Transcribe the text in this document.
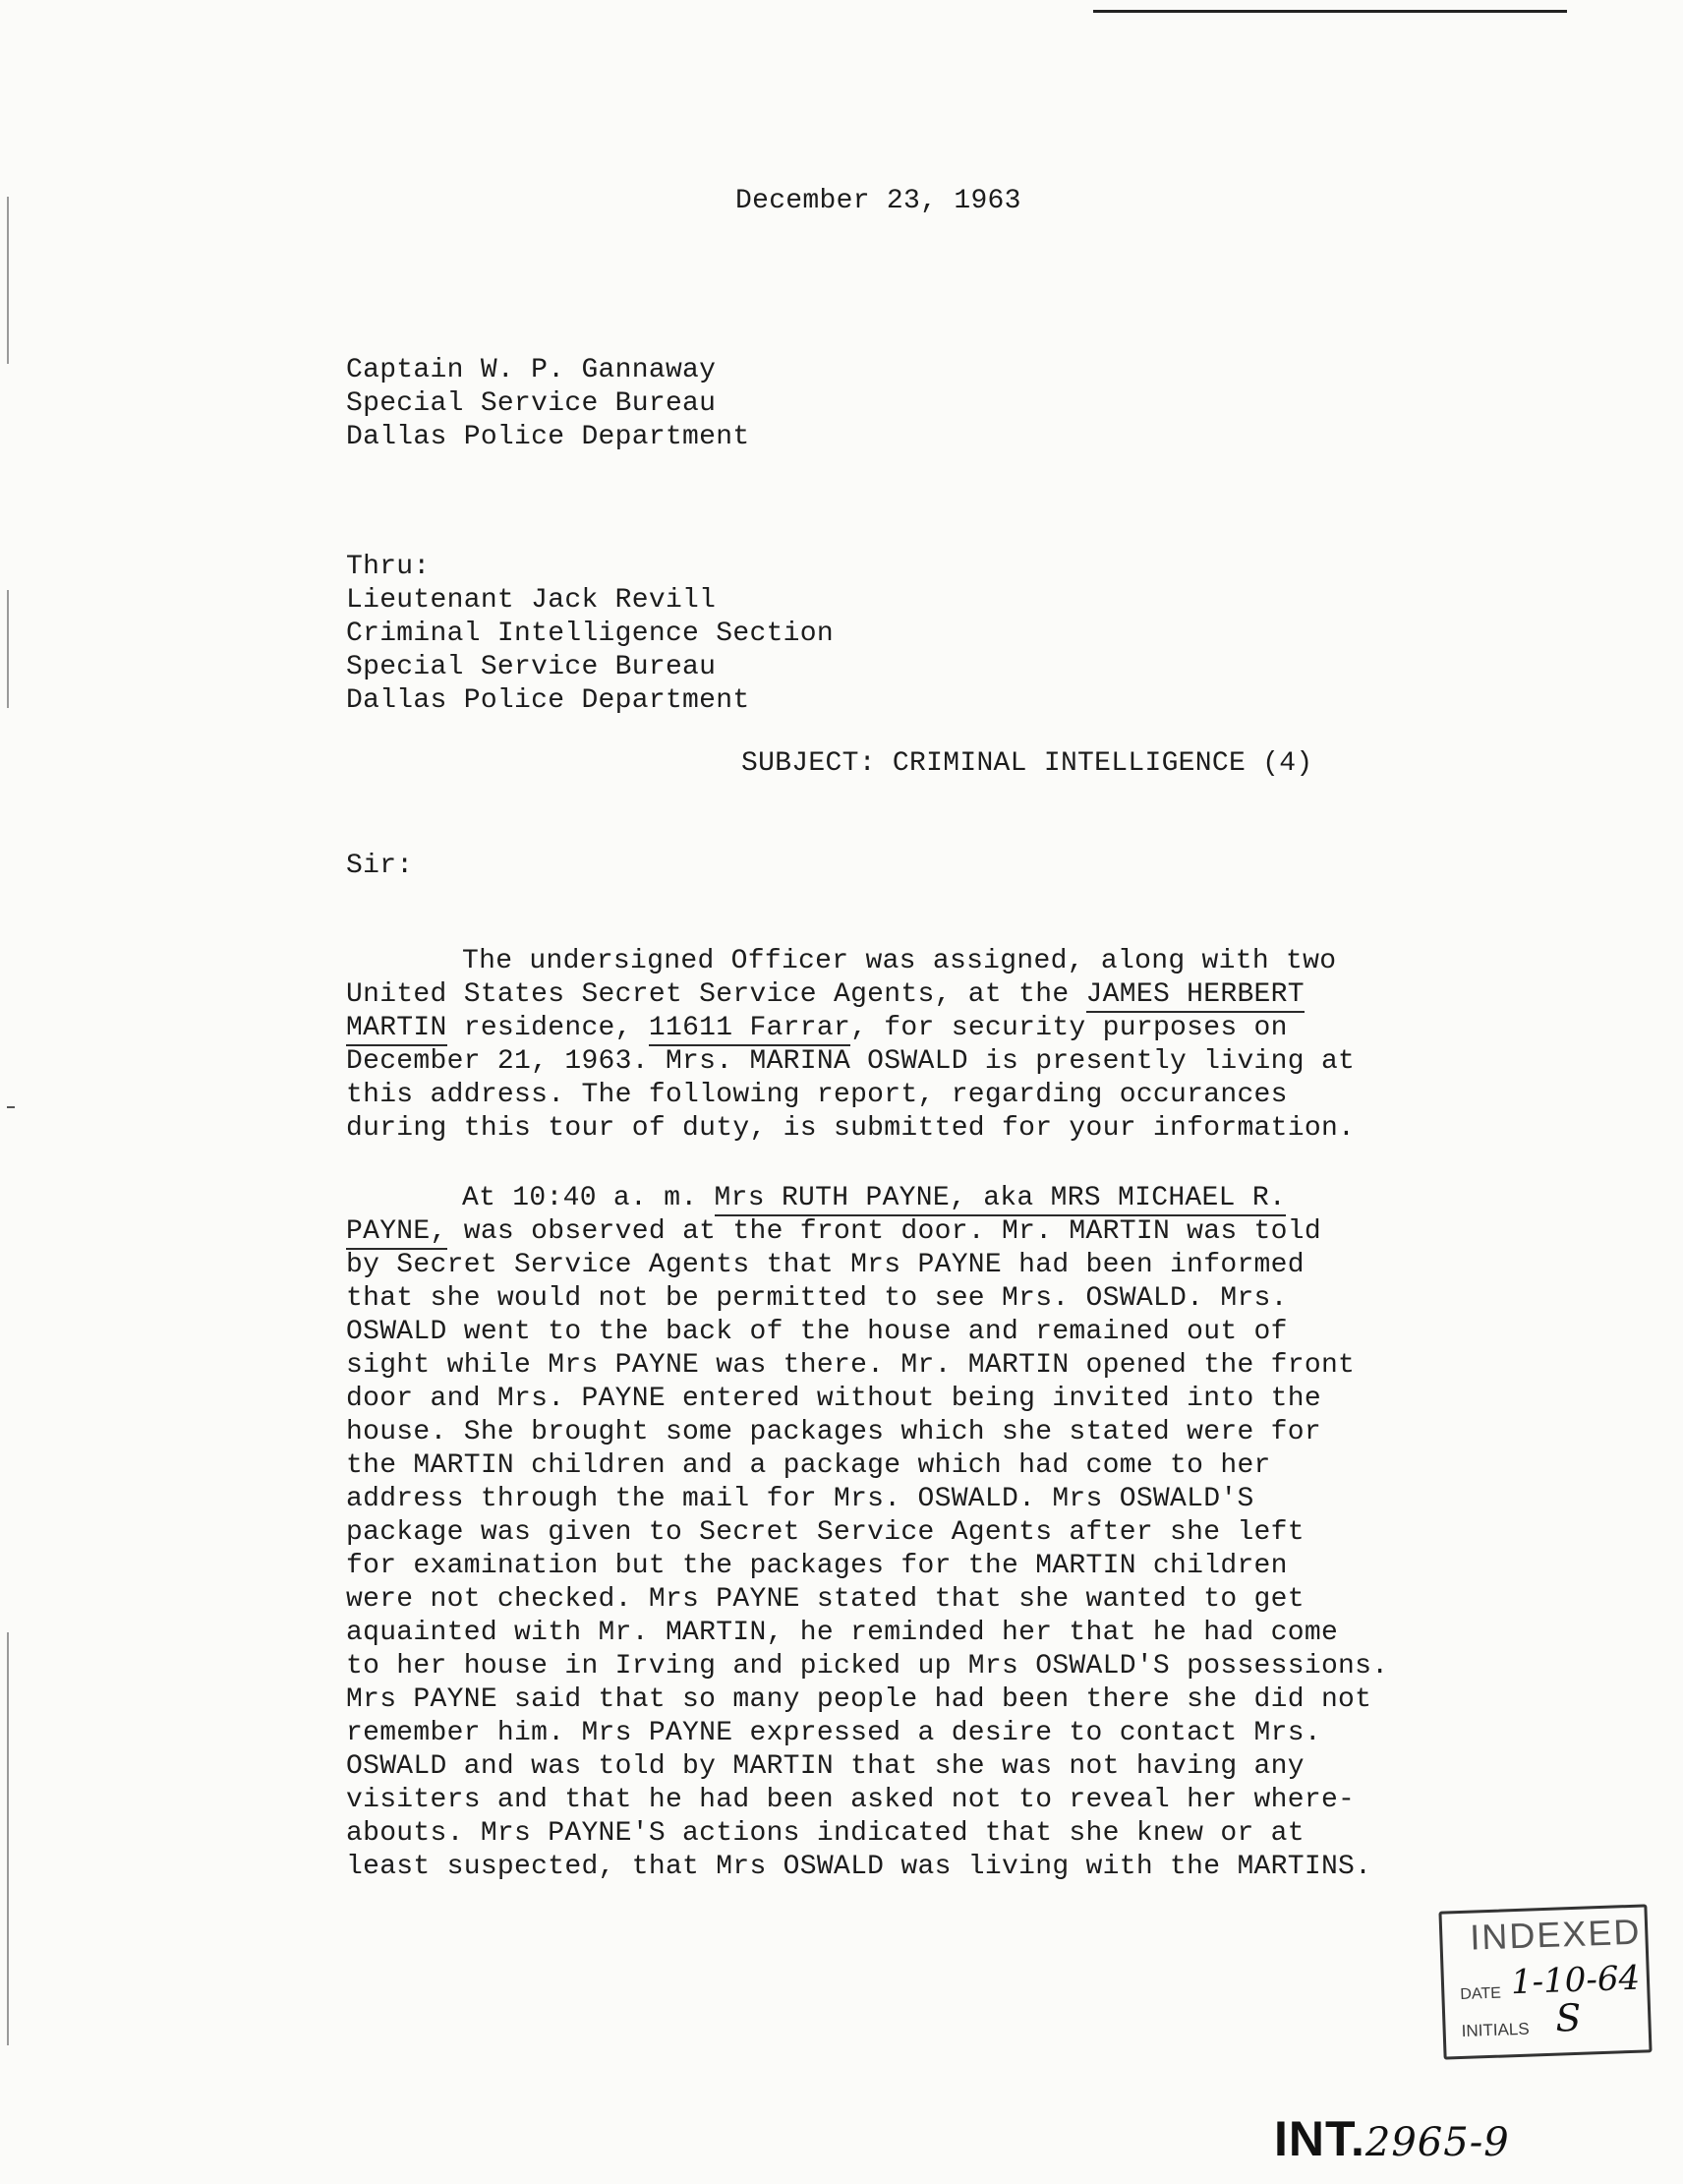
December 23, 1963
Captain W. P. Gannaway
Special Service Bureau
Dallas Police Department
Thru:
Lieutenant Jack Revill
Criminal Intelligence Section
Special Service Bureau
Dallas Police Department
SUBJECT: CRIMINAL INTELLIGENCE (4)
Sir:
The undersigned Officer was assigned, along with two
United States Secret Service Agents, at the JAMES HERBERT
MARTIN residence, 11611 Farrar, for security purposes on
December 21, 1963. Mrs. MARINA OSWALD is presently living at
this address. The following report, regarding occurances
during this tour of duty, is submitted for your information.
At 10:40 a. m. Mrs RUTH PAYNE, aka MRS MICHAEL R.
PAYNE, was observed at the front door. Mr. MARTIN was told
by Secret Service Agents that Mrs PAYNE had been informed
that she would not be permitted to see Mrs. OSWALD. Mrs.
OSWALD went to the back of the house and remained out of
sight while Mrs PAYNE was there. Mr. MARTIN opened the front
door and Mrs. PAYNE entered without being invited into the
house. She brought some packages which she stated were for
the MARTIN children and a package which had come to her
address through the mail for Mrs. OSWALD. Mrs OSWALD'S
package was given to Secret Service Agents after she left
for examination but the packages for the MARTIN children
were not checked. Mrs PAYNE stated that she wanted to get
aquainted with Mr. MARTIN, he reminded her that he had come
to her house in Irving and picked up Mrs OSWALD'S possessions.
Mrs PAYNE said that so many people had been there she did not
remember him. Mrs PAYNE expressed a desire to contact Mrs.
OSWALD and was told by MARTIN that she was not having any
visiters and that he had been asked not to reveal her where-
abouts. Mrs PAYNE'S actions indicated that she knew or at
least suspected, that Mrs OSWALD was living with the MARTINS.
INDEXED
DATE 1-10-64
INITIALS S
INT.2965-9
